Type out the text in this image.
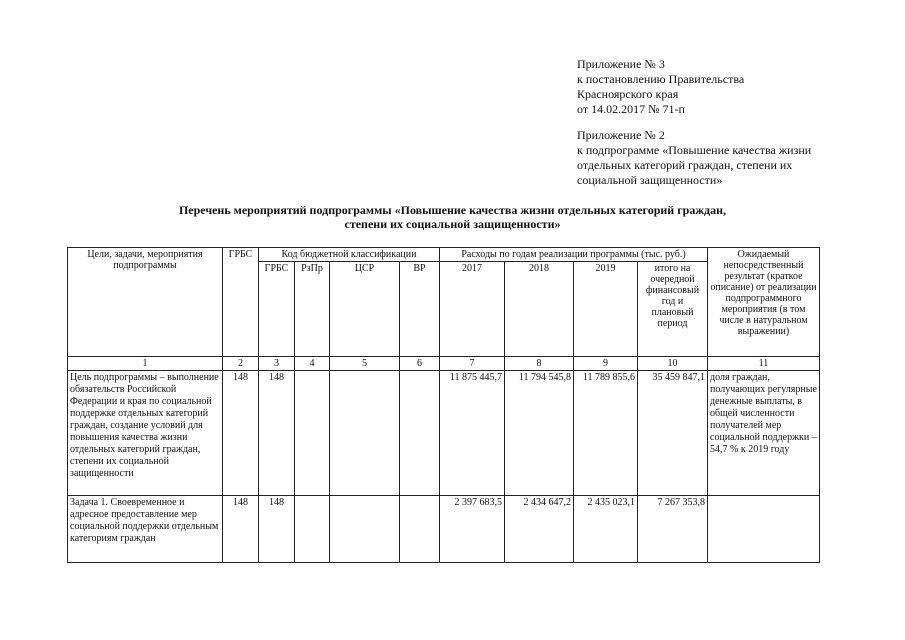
Приложение № 3
к постановлению Правительства
Красноярского края
от 14.02.2017 № 71-п
Приложение № 2
к подпрограмме «Повышение качества жизни
отдельных категорий граждан, степени их
социальной защищенности»
Перечень мероприятий подпрограммы «Повышение качества жизни отдельных категорий граждан,
степени их социальной защищенности»
Цели, задачи, мероприятия подпрограммы	ГРБС	Код бюджетной классификации				Расходы по годам реализации программы (тыс. руб.)				Ожидаемый непосредственный результат (краткое описание) от реализации подпрограммного мероприятия (в том числе в натуральном выражении)
		ГРБС	РзПр	ЦСР	ВР	2017	2018	2019	итого на очередной финансовый год и плановый период	
1	2	3	4	5	6	7	8	9	10	11
Цель подпрограммы – выполнение обязательств Российской Федерации и края по социальной поддержке отдельных категорий граждан, создание условий для повышения качества жизни отдельных категорий граждан, степени их социальной защищенности	148	148				11 875 445,7	11 794 545,8	11 789 855,6	35 459 847,1	доля граждан, получающих регулярные денежные выплаты, в общей численности получателей мер социальной поддержки – 54,7 % к 2019 году
Задача 1. Своевременное и адресное предоставление мер социальной поддержки отдельным категориям граждан	148	148				2 397 683,5	2 434 647,2	2 435 023,1	7 267 353,8	
